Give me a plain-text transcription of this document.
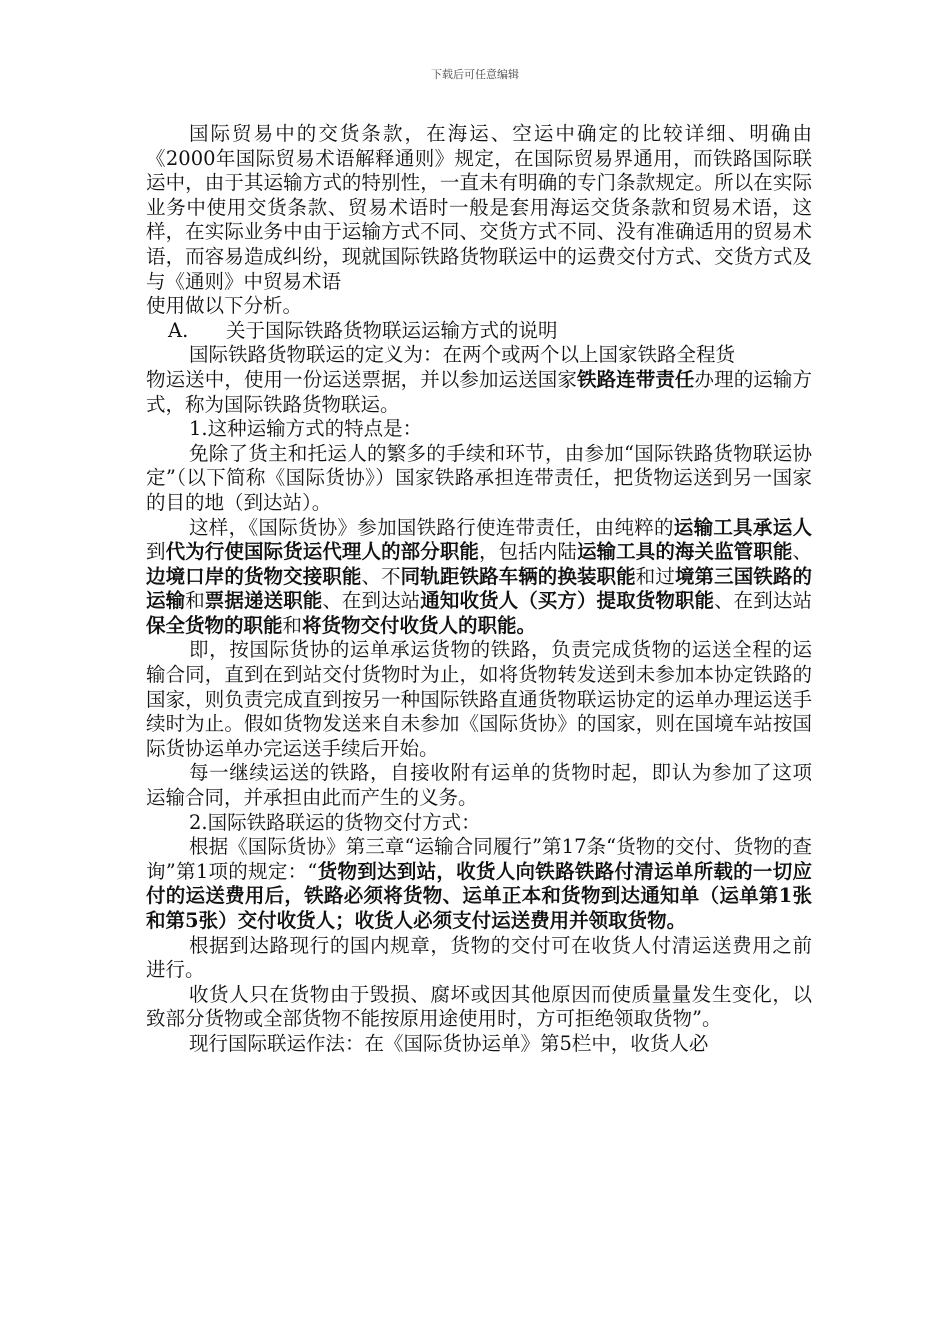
下载后可任意编辑

国际贸易中的交货条款，在海运、空运中确定的比较详细、明确由《2000年国际贸易术语解释通则》规定，在国际贸易界通用，而铁路国际联运中，由于其运输方式的特别性，一直未有明确的专门条款规定。所以在实际业务中使用交货条款、贸易术语时一般是套用海运交货条款和贸易术语，这样，在实际业务中由于运输方式不同、交货方式不同、没有准确适用的贸易术语，而容易造成纠纷，现就国际铁路货物联运中的运费交付方式、交货方式及与《通则》中贸易术语

使用做以下分析。

A. 关于国际铁路货物联运运输方式的说明

国际铁路货物联运的定义为：在两个或两个以上国家铁路全程货

物运送中，使用一份运送票据，并以参加运送国家铁路连带责任办理的运输方式，称为国际铁路货物联运。

1.这种运输方式的特点是：

免除了货主和托运人的繁多的手续和环节，由参加“国际铁路货物联运协定”（以下简称《国际货协》）国家铁路承担连带责任，把货物运送到另一国家的目的地（到达站）。

这样，《国际货协》参加国铁路行使连带责任，由纯粹的运输工具承运人到代为行使国际货运代理人的部分职能，包括内陆运输工具的海关监管职能、边境口岸的货物交接职能、不同轨距铁路车辆的换装职能和过境第三国铁路的运输和票据递送职能、在到达站通知收货人（买方）提取货物职能、在到达站保全货物的职能和将货物交付收货人的职能。

即，按国际货协的运单承运货物的铁路，负责完成货物的运送全程的运输合同，直到在到站交付货物时为止，如将货物转发送到未参加本协定铁路的国家，则负责完成直到按另一种国际铁路直通货物联运协定的运单办理运送手续时为止。假如货物发送来自未参加《国际货协》的国家，则在国境车站按国际货协运单办完运送手续后开始。

每一继续运送的铁路，自接收附有运单的货物时起，即认为参加了这项运输合同，并承担由此而产生的义务。

2.国际铁路联运的货物交付方式：

根据《国际货协》第三章“运输合同履行”第17条“货物的交付、货物的查询”第1项的规定：“货物到达到站，收货人向铁路铁路付清运单所载的一切应付的运送费用后，铁路必须将货物、运单正本和货物到达通知单（运单第1张和第5张）交付收货人；收货人必须支付运送费用并领取货物。

根据到达路现行的国内规章，货物的交付可在收货人付清运送费用之前进行。

收货人只在货物由于毁损、腐坏或因其他原因而使质量量发生变化，以致部分货物或全部货物不能按原用途使用时，方可拒绝领取货物”。

现行国际联运作法：在《国际货协运单》第5栏中，收货人必
